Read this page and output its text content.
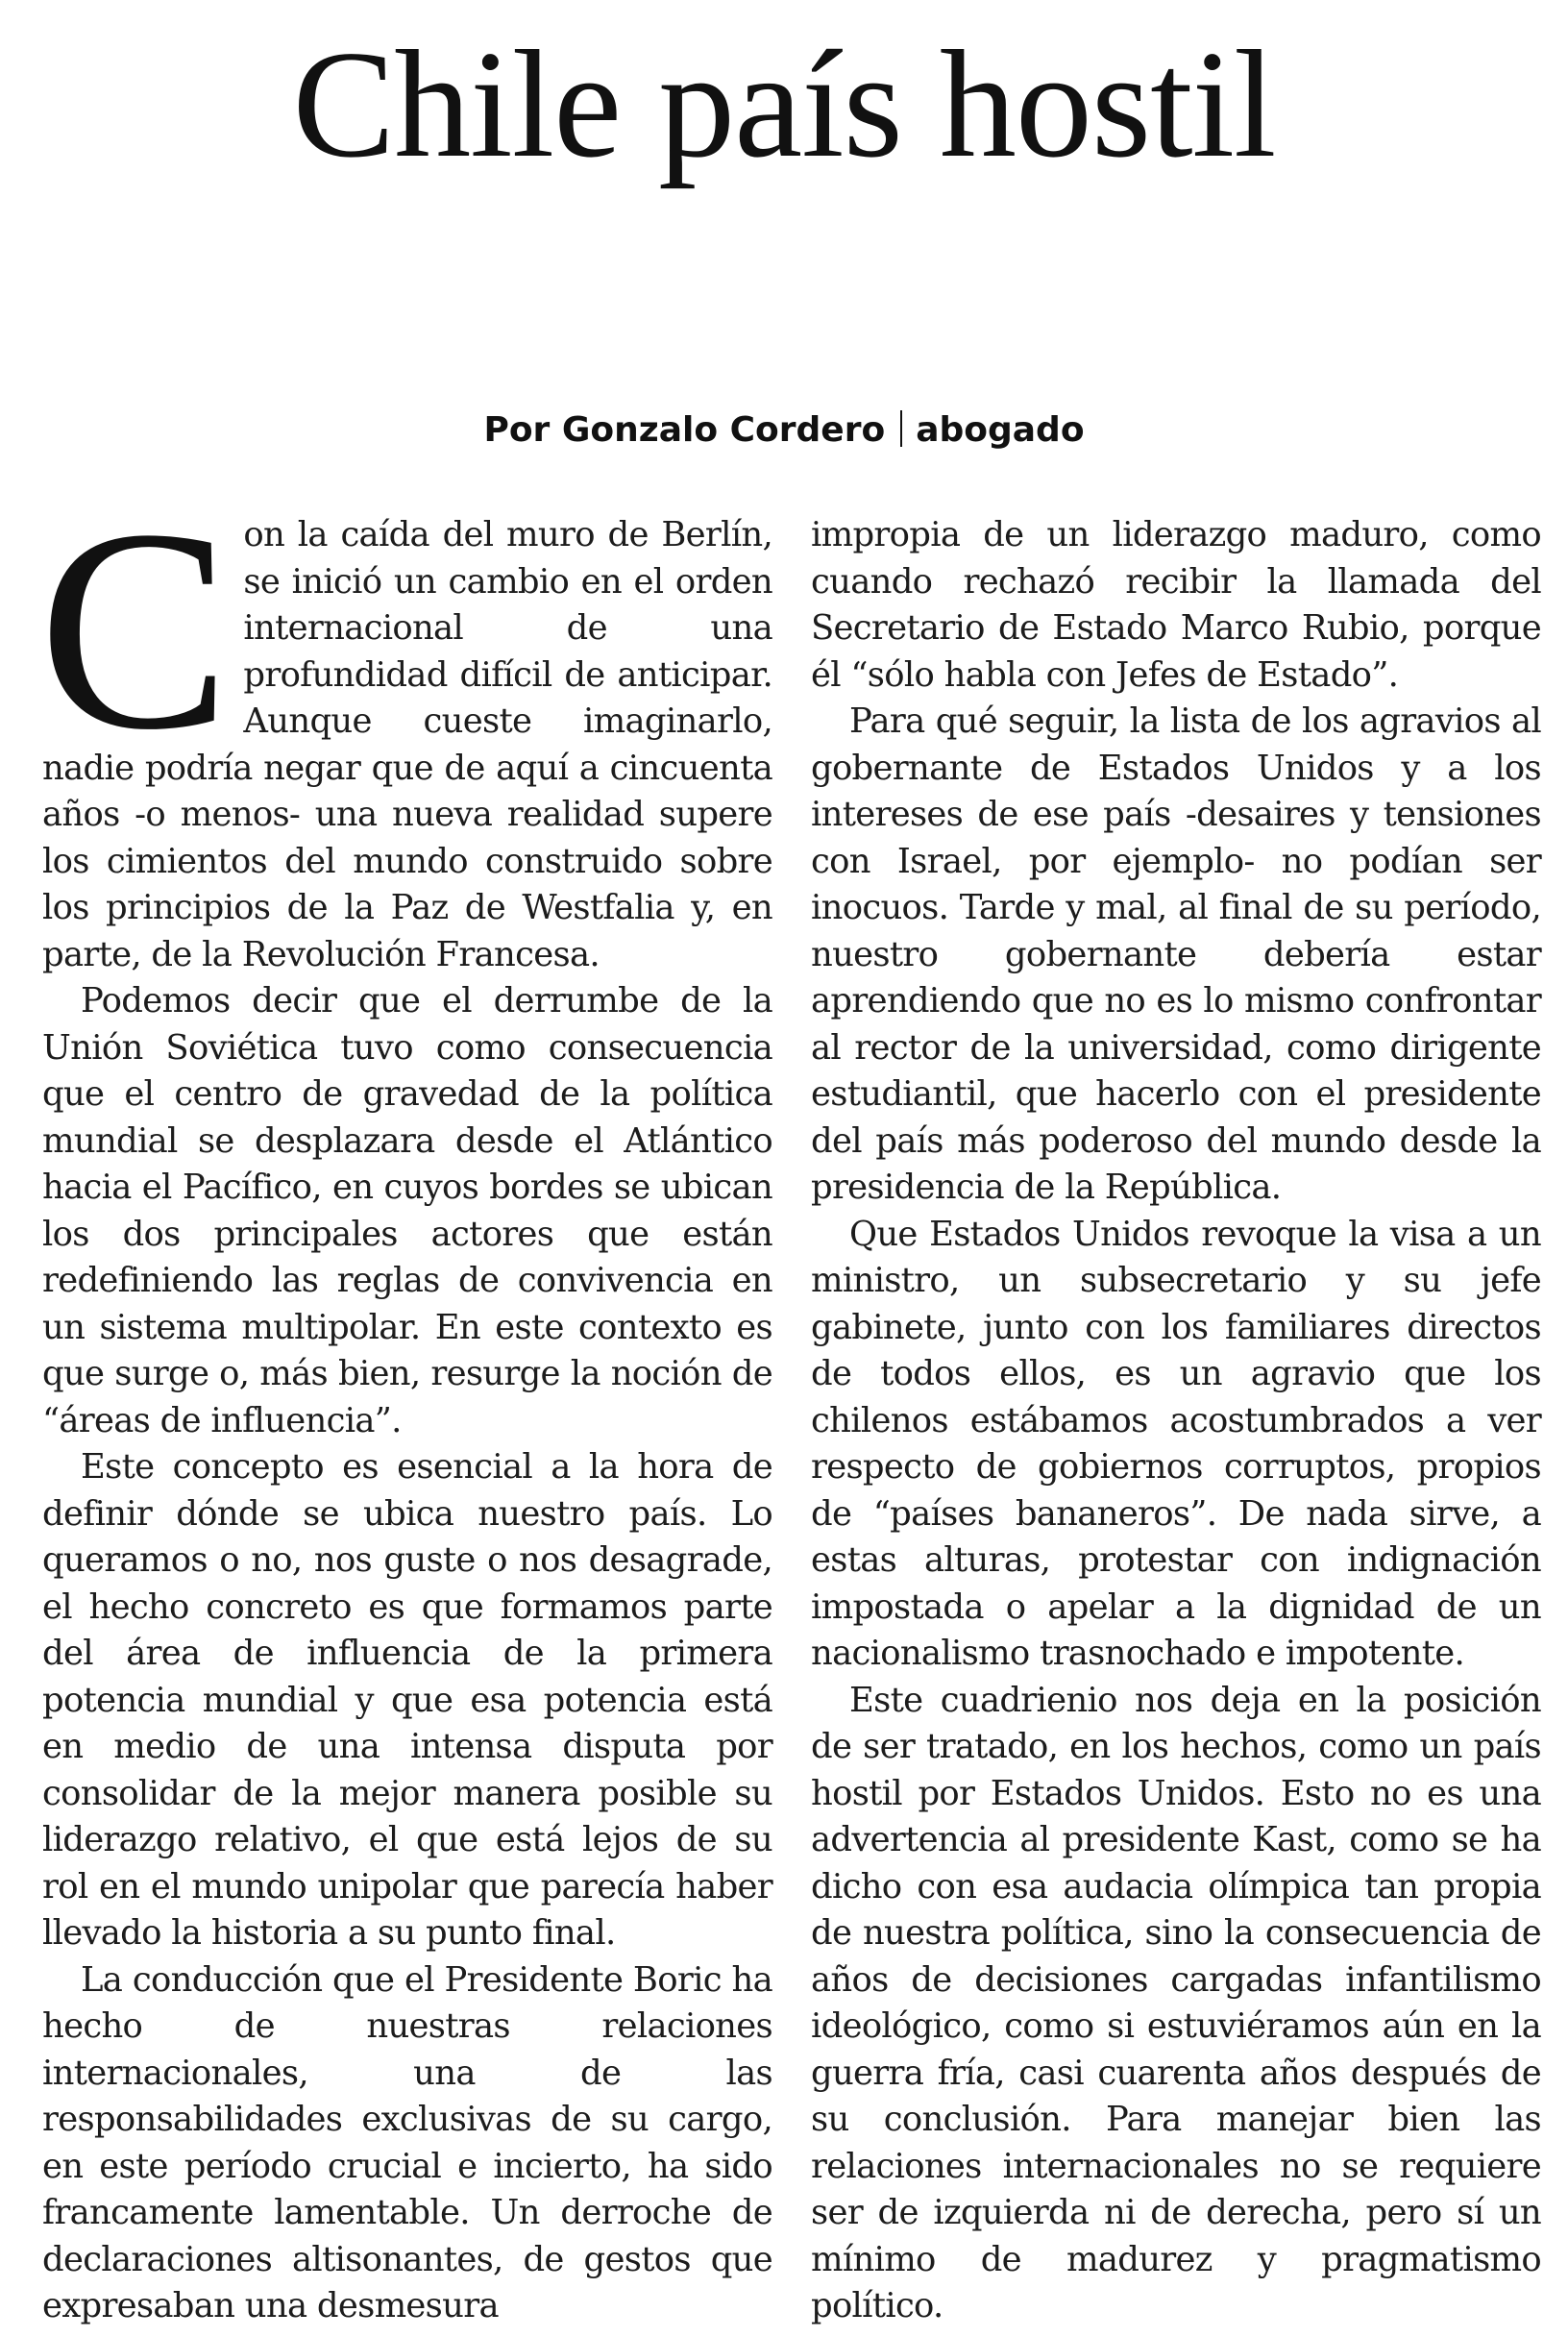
Chile país hostil
Por Gonzalo Cordero abogado

Con la caída del muro de Berlín, se inició un cambio en el orden internacional de una profundidad difícil de anticipar. Aunque cueste imaginarlo, nadie podría negar que de aquí a cincuenta años -o menos- una nueva realidad supere los cimientos del mundo construido sobre los principios de la Paz de Westfalia y, en parte, de la Revolución Francesa.

Podemos decir que el derrumbe de la Unión Soviética tuvo como consecuencia que el centro de gravedad de la política mundial se desplazara desde el Atlántico hacia el Pacífico, en cuyos bordes se ubican los dos principales actores que están redefiniendo las reglas de convivencia en un sistema multipolar. En este contexto es que surge o, más bien, resurge la noción de “áreas de influencia”.

Este concepto es esencial a la hora de definir dónde se ubica nuestro país. Lo queramos o no, nos guste o nos desagrade, el hecho concreto es que formamos parte del área de influencia de la primera potencia mundial y que esa potencia está en medio de una intensa disputa por consolidar de la mejor manera posible su liderazgo relativo, el que está lejos de su rol en el mundo unipolar que parecía haber llevado la historia a su punto final.

La conducción que el Presidente Boric ha hecho de nuestras relaciones internacionales, una de las responsabilidades exclusivas de su cargo, en este período crucial e incierto, ha sido francamente lamentable. Un derroche de declaraciones altisonantes, de gestos que expresaban una desmesura

impropia de un liderazgo maduro, como cuando rechazó recibir la llamada del Secretario de Estado Marco Rubio, porque él “sólo habla con Jefes de Estado”.

Para qué seguir, la lista de los agravios al gobernante de Estados Unidos y a los intereses de ese país -desaires y tensiones con Israel, por ejemplo- no podían ser inocuos. Tarde y mal, al final de su período, nuestro gobernante debería estar aprendiendo que no es lo mismo confrontar al rector de la universidad, como dirigente estudiantil, que hacerlo con el presidente del país más poderoso del mundo desde la presidencia de la República.

Que Estados Unidos revoque la visa a un ministro, un subsecretario y su jefe gabinete, junto con los familiares directos de todos ellos, es un agravio que los chilenos estábamos acostumbrados a ver respecto de gobiernos corruptos, propios de “países bananeros”. De nada sirve, a estas alturas, protestar con indignación impostada o apelar a la dignidad de un nacionalismo trasnochado e impotente.

Este cuadrienio nos deja en la posición de ser tratado, en los hechos, como un país hostil por Estados Unidos. Esto no es una advertencia al presidente Kast, como se ha dicho con esa audacia olímpica tan propia de nuestra política, sino la consecuencia de años de decisiones cargadas infantilismo ideológico, como si estuviéramos aún en la guerra fría, casi cuarenta años después de su conclusión. Para manejar bien las relaciones internacionales no se requiere ser de izquierda ni de derecha, pero sí un mínimo de madurez y pragmatismo político.
